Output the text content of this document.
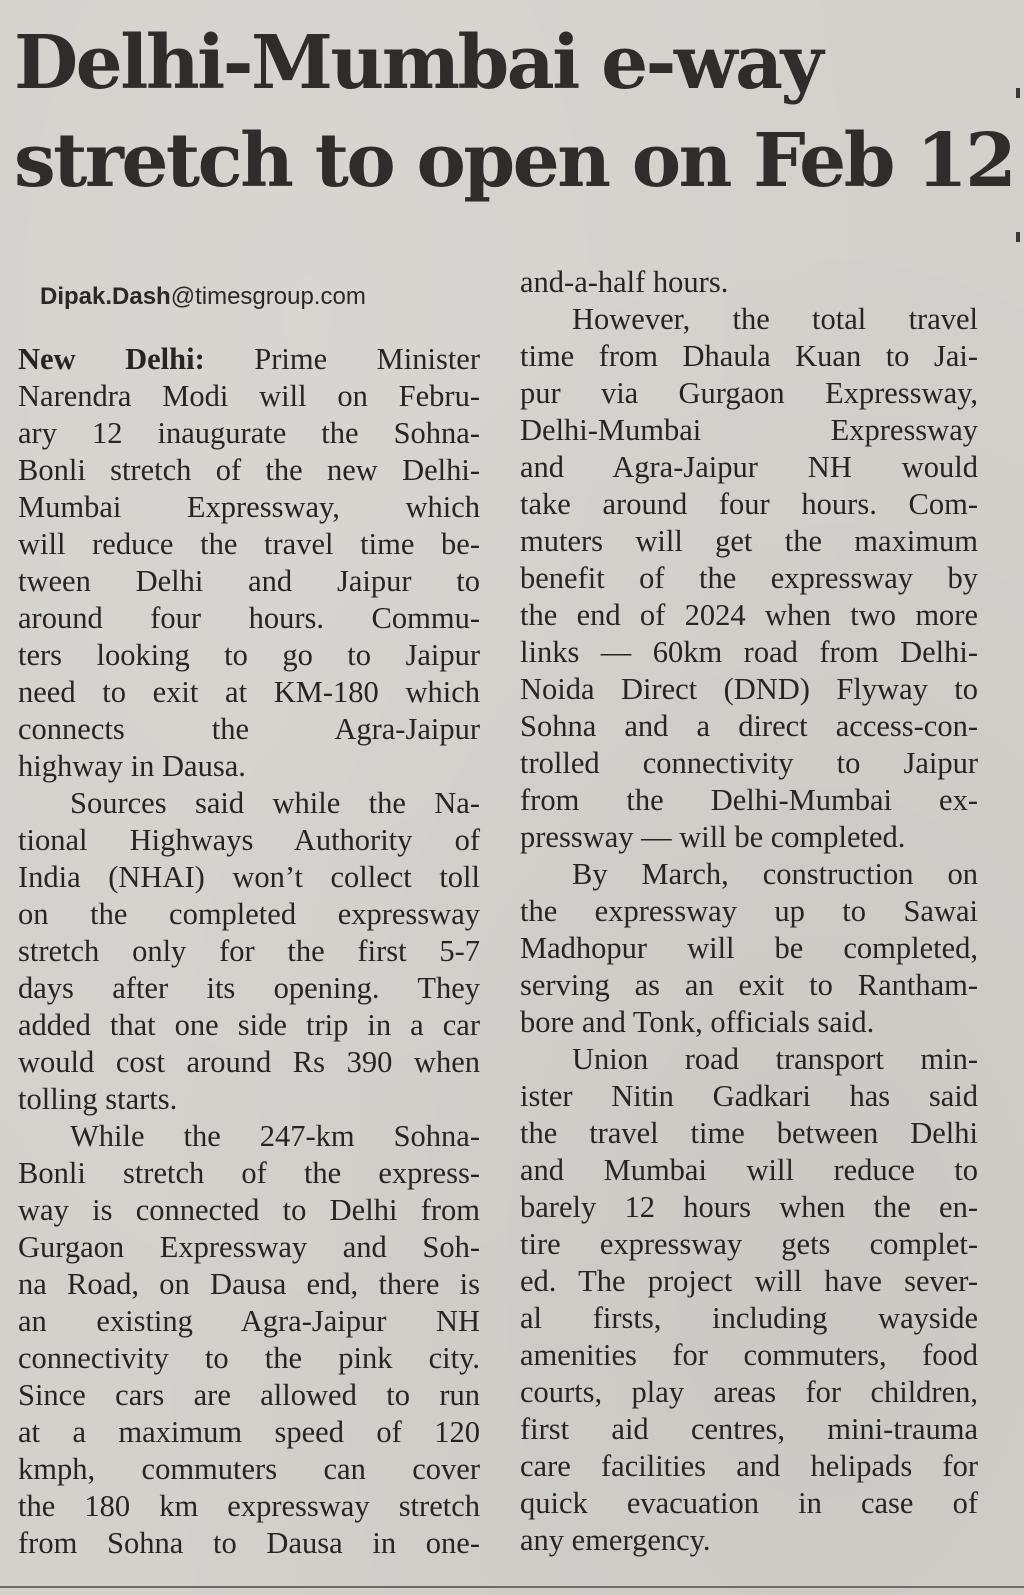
Delhi-Mumbai e-way
stretch to open on Feb 12
Dipak.Dash@timesgroup.com
New Delhi: Prime Minister
Narendra Modi will on Febru-
ary 12 inaugurate the Sohna-
Bonli stretch of the new Delhi-
Mumbai Expressway, which
will reduce the travel time be-
tween Delhi and Jaipur to
around four hours. Commu-
ters looking to go to Jaipur
need to exit at KM-180 which
connects the Agra-Jaipur
highway in Dausa.
Sources said while the Na-
tional Highways Authority of
India (NHAI) won’t collect toll
on the completed expressway
stretch only for the first 5-7
days after its opening. They
added that one side trip in a car
would cost around Rs 390 when
tolling starts.
While the 247-km Sohna-
Bonli stretch of the express-
way is connected to Delhi from
Gurgaon Expressway and Soh-
na Road, on Dausa end, there is
an existing Agra-Jaipur NH
connectivity to the pink city.
Since cars are allowed to run
at a maximum speed of 120
kmph, commuters can cover
the 180 km expressway stretch
from Sohna to Dausa in one-
and-a-half hours.
However, the total travel
time from Dhaula Kuan to Jai-
pur via Gurgaon Expressway,
Delhi-Mumbai Expressway
and Agra-Jaipur NH would
take around four hours. Com-
muters will get the maximum
benefit of the expressway by
the end of 2024 when two more
links — 60km road from Delhi-
Noida Direct (DND) Flyway to
Sohna and a direct access-con-
trolled connectivity to Jaipur
from the Delhi-Mumbai ex-
pressway — will be completed.
By March, construction on
the expressway up to Sawai
Madhopur will be completed,
serving as an exit to Rantham-
bore and Tonk, officials said.
Union road transport min-
ister Nitin Gadkari has said
the travel time between Delhi
and Mumbai will reduce to
barely 12 hours when the en-
tire expressway gets complet-
ed. The project will have sever-
al firsts, including wayside
amenities for commuters, food
courts, play areas for children,
first aid centres, mini-trauma
care facilities and helipads for
quick evacuation in case of
any emergency.
